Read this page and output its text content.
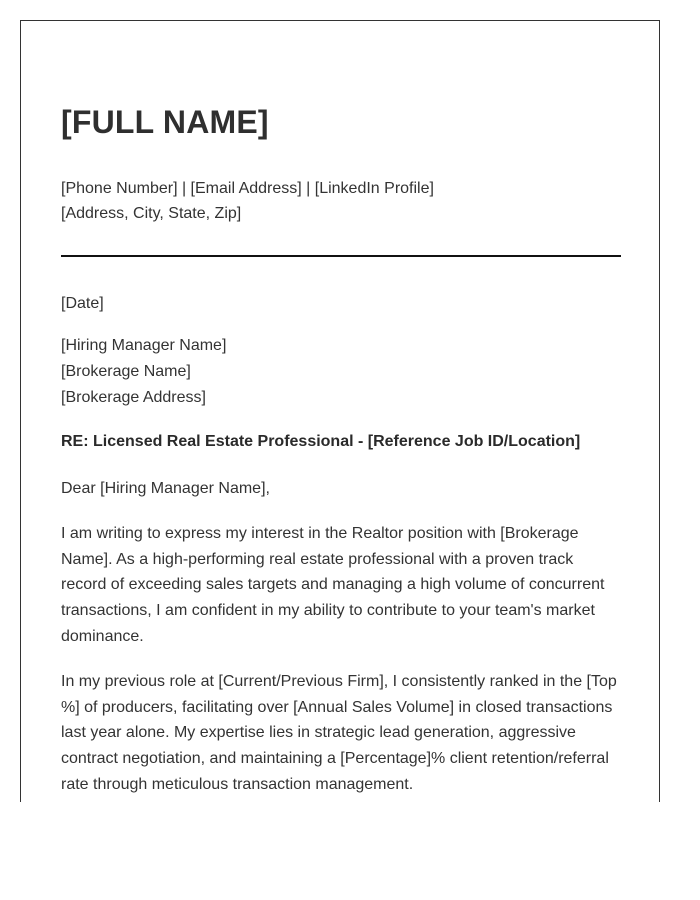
[FULL NAME]
[Phone Number] | [Email Address] | [LinkedIn Profile]
[Address, City, State, Zip]
[Date]
[Hiring Manager Name]
[Brokerage Name]
[Brokerage Address]
RE: Licensed Real Estate Professional - [Reference Job ID/Location]
Dear [Hiring Manager Name],

I am writing to express my interest in the Realtor position with [Brokerage Name]. As a high-performing real estate professional with a proven track record of exceeding sales targets and managing a high volume of concurrent transactions, I am confident in my ability to contribute to your team's market dominance.

In my previous role at [Current/Previous Firm], I consistently ranked in the [Top %] of producers, facilitating over [Annual Sales Volume] in closed transactions last year alone. My expertise lies in strategic lead generation, aggressive contract negotiation, and maintaining a [Percentage]% client retention/referral rate through meticulous transaction management.
